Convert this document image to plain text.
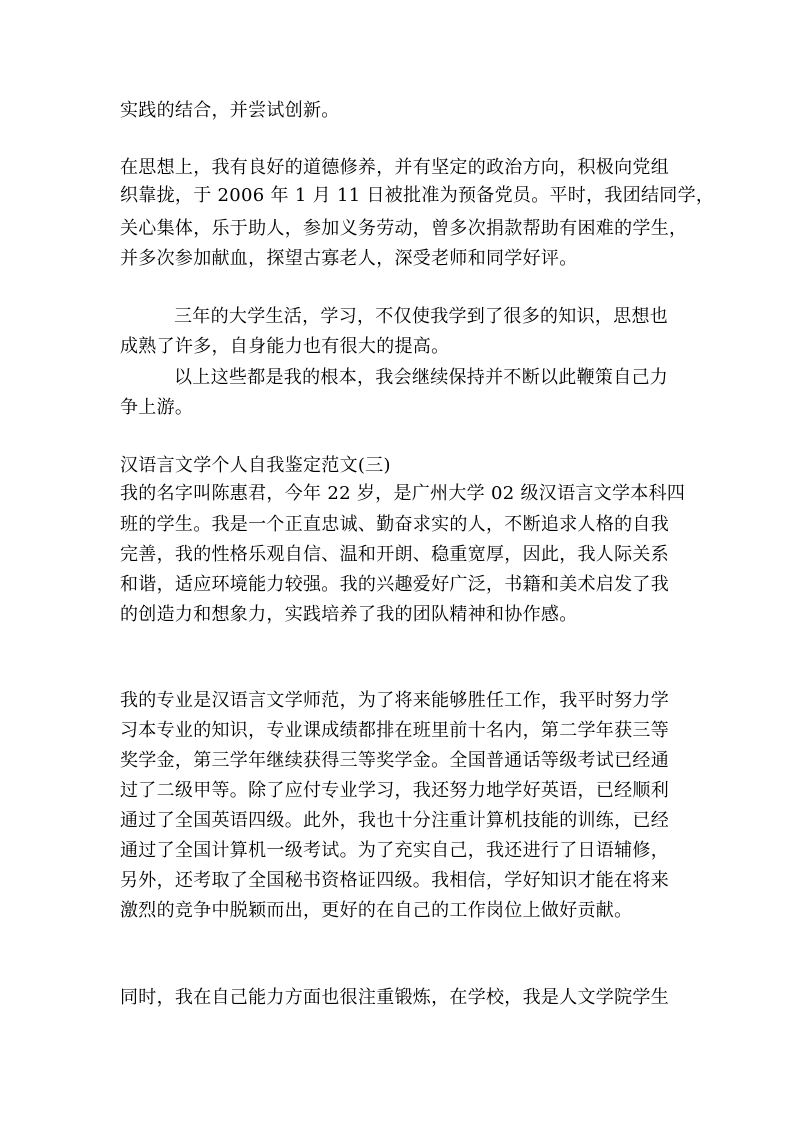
实践的结合，并尝试创新。
在思想上，我有良好的道德修养，并有坚定的政治方向，积极向党组
织靠拢，于 2006 年 1 月 11 日被批准为预备党员。平时，我团结同学，
关心集体，乐于助人，参加义务劳动，曾多次捐款帮助有困难的学生，
并多次参加献血，探望古寡老人，深受老师和同学好评。
三年的大学生活，学习，不仅使我学到了很多的知识，思想也
成熟了许多，自身能力也有很大的提高。
以上这些都是我的根本，我会继续保持并不断以此鞭策自己力
争上游。
汉语言文学个人自我鉴定范文(三)
我的名字叫陈惠君，今年 22 岁，是广州大学 02 级汉语言文学本科四
班的学生。我是一个正直忠诚、勤奋求实的人，不断追求人格的自我
完善，我的性格乐观自信、温和开朗、稳重宽厚，因此，我人际关系
和谐，适应环境能力较强。我的兴趣爱好广泛，书籍和美术启发了我
的创造力和想象力，实践培养了我的团队精神和协作感。
我的专业是汉语言文学师范，为了将来能够胜任工作，我平时努力学
习本专业的知识，专业课成绩都排在班里前十名内，第二学年获三等
奖学金，第三学年继续获得三等奖学金。全国普通话等级考试已经通
过了二级甲等。除了应付专业学习，我还努力地学好英语，已经顺利
通过了全国英语四级。此外，我也十分注重计算机技能的训练，已经
通过了全国计算机一级考试。为了充实自己，我还进行了日语辅修，
另外，还考取了全国秘书资格证四级。我相信，学好知识才能在将来
激烈的竞争中脱颖而出，更好的在自己的工作岗位上做好贡献。
同时，我在自己能力方面也很注重锻炼，在学校，我是人文学院学生
